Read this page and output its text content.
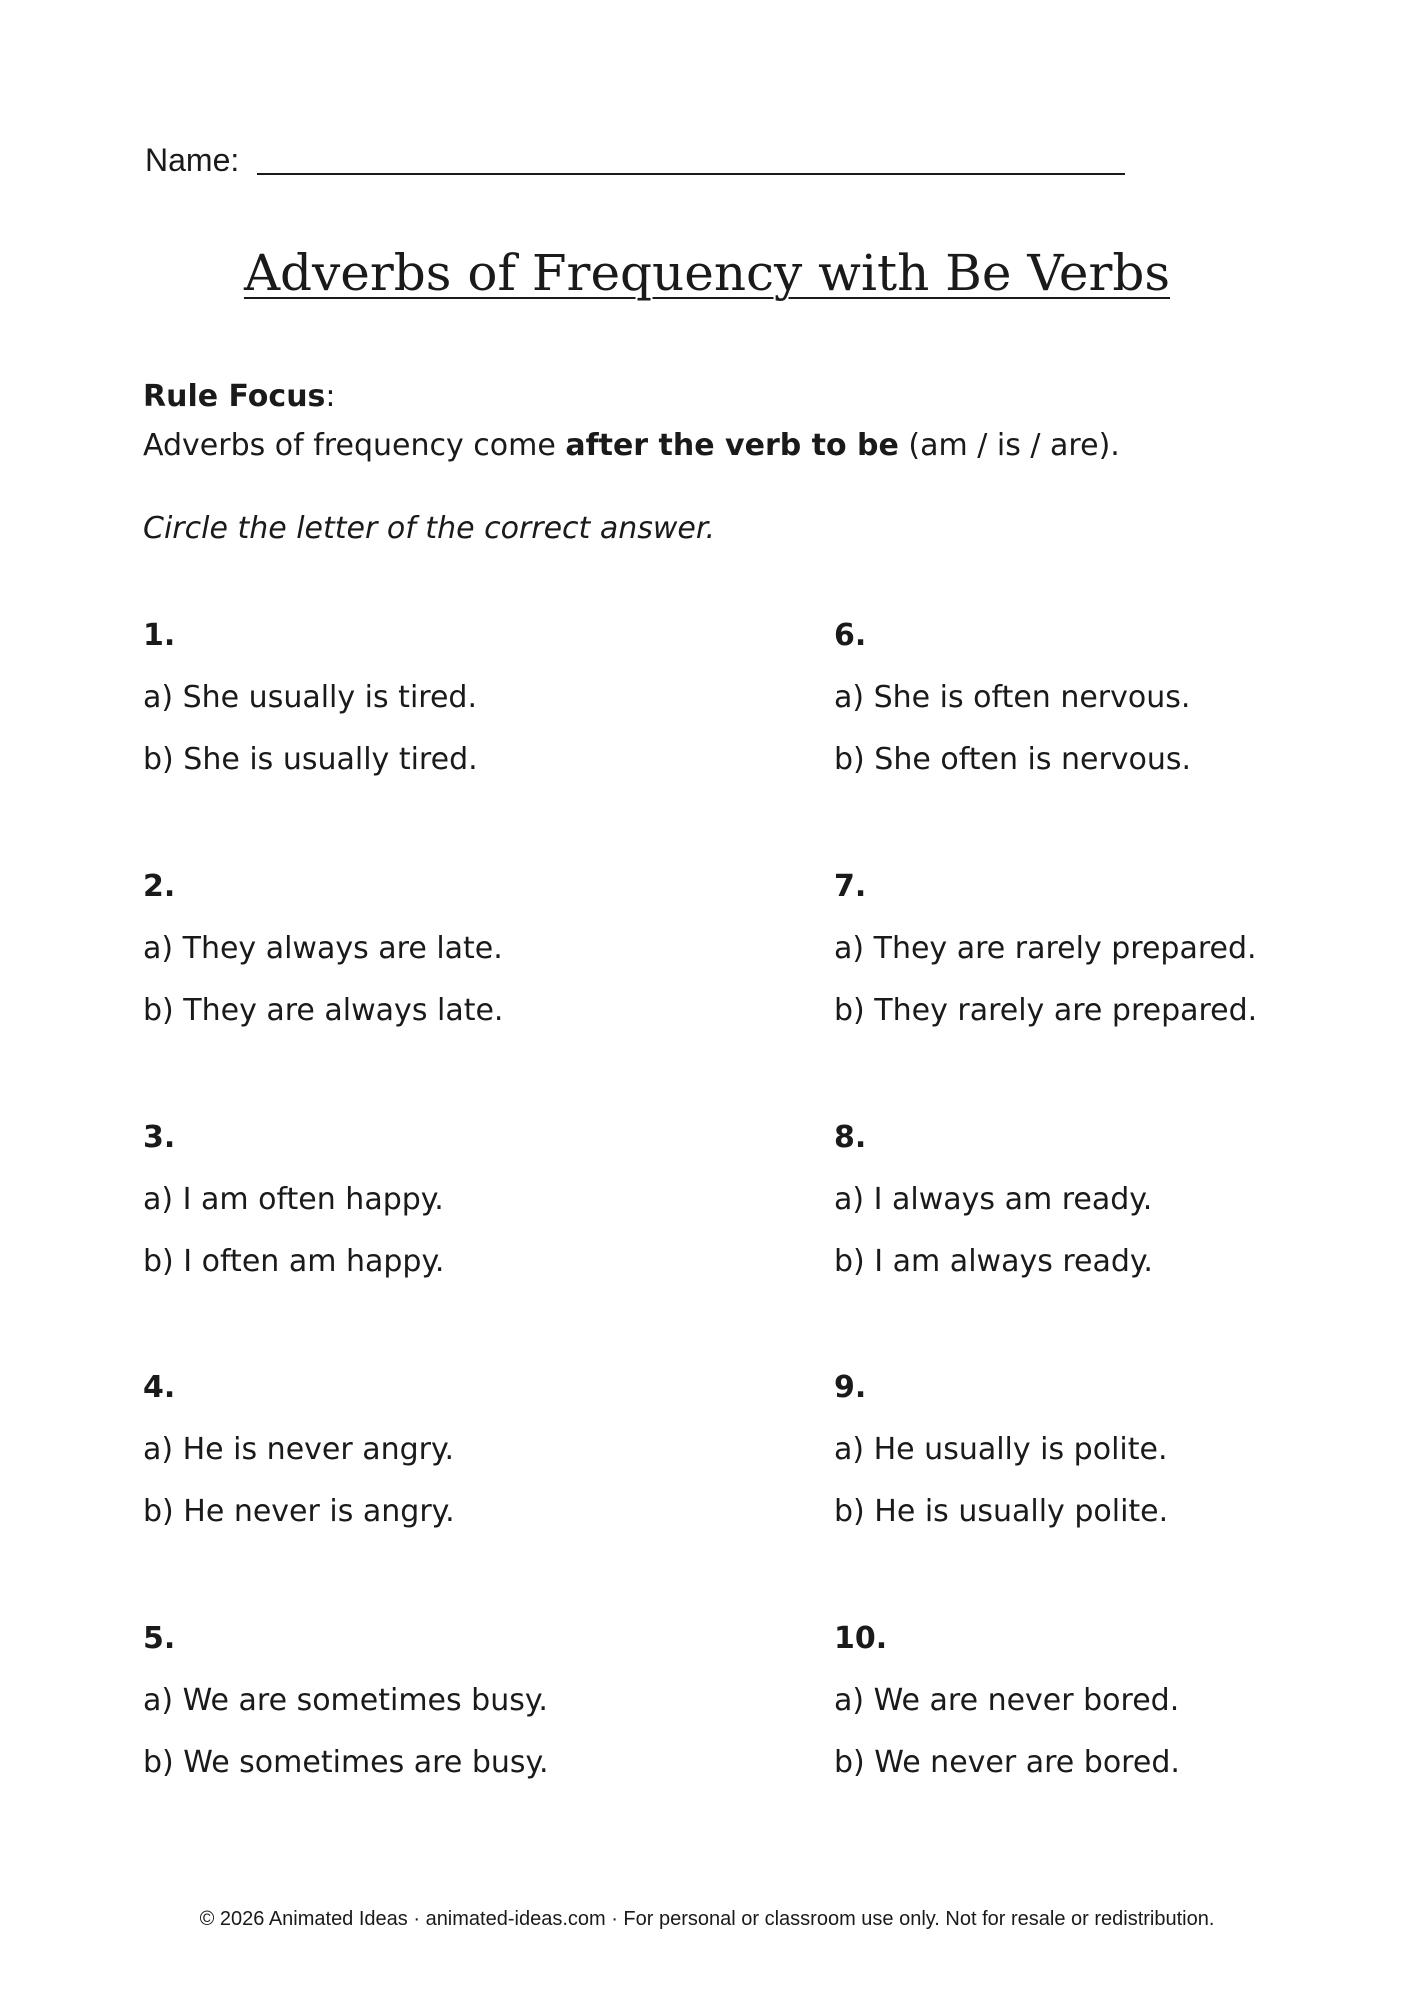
Name:
Adverbs of Frequency with Be Verbs
Rule Focus:
Adverbs of frequency come after the verb to be (am / is / are).
Circle the letter of the correct answer.
1.
a) She usually is tired.
b) She is usually tired.
2.
a) They always are late.
b) They are always late.
3.
a) I am often happy.
b) I often am happy.
4.
a) He is never angry.
b) He never is angry.
5.
a) We are sometimes busy.
b) We sometimes are busy.
6.
a) She is often nervous.
b) She often is nervous.
7.
a) They are rarely prepared.
b) They rarely are prepared.
8.
a) I always am ready.
b) I am always ready.
9.
a) He usually is polite.
b) He is usually polite.
10.
a) We are never bored.
b) We never are bored.
© 2026 Animated Ideas · animated-ideas.com · For personal or classroom use only. Not for resale or redistribution.
